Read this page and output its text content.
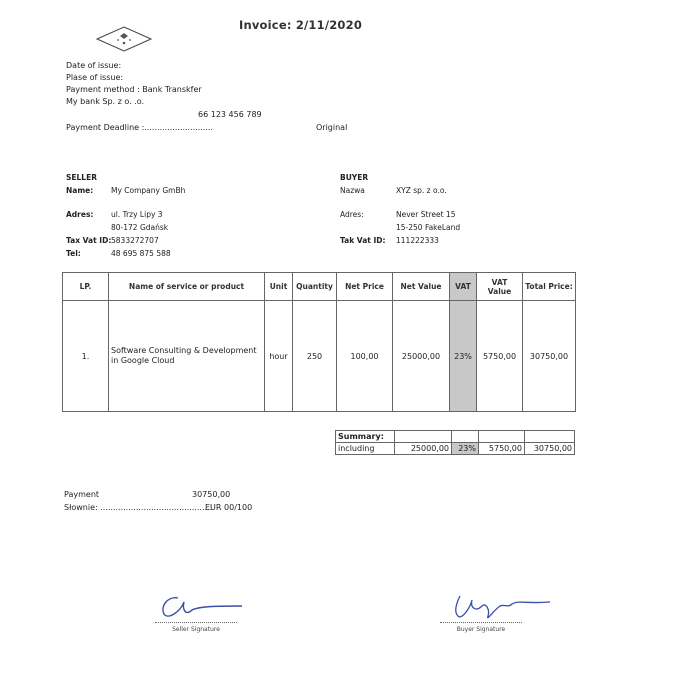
Invoice: 2/11/2020
Date of issue:
Plase of issue:
Payment method : Bank Transkfer
My bank Sp. z o. .o.
66 123 456 789
Payment Deadline :...........................	Original
SELLER
Name: My Company GmBh
Adres: ul. Trzy Lipy 3
80-172 Gdańsk
Tax Vat ID: 5833272707
Tel:	48 695 875 588
BUYER
Nazwa	XYZ sp. z o.o.
Adres:	Never Street 15
15-250 FakeLand
Tak Vat ID: 111222333
LP.	Name of service or product	Unit	Quantity	Net Price	Net Value	VAT	VAT Value	Total Price:
1.	Software Consulting & Development in Google Cloud	hour	250	100,00	25000,00	23%	5750,00	30750,00
Summary:				
including	25000,00	23%	5750,00	30750,00
Payment	30750,00
Słownie: ............................................
EUR 00/100
Seller Signature	Buyer Signature
